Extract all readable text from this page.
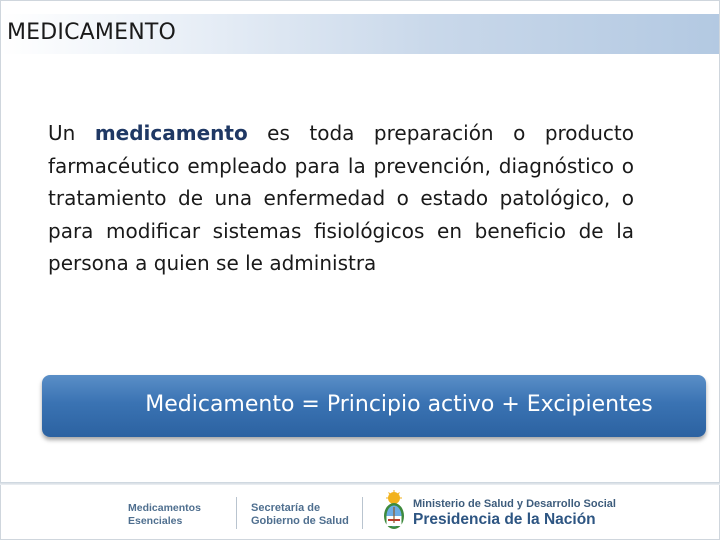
MEDICAMENTO
Un medicamento es toda preparación o producto farmacéutico empleado para la prevención, diagnóstico o tratamiento de una enfermedad o estado patológico, o para modificar sistemas fisiológicos en beneficio de la persona a quien se le administra
Medicamento = Principio activo + Excipientes
Medicamentos
Esenciales
Secretaría de
Gobierno de Salud
Ministerio de Salud y Desarrollo Social
Presidencia de la Nación
